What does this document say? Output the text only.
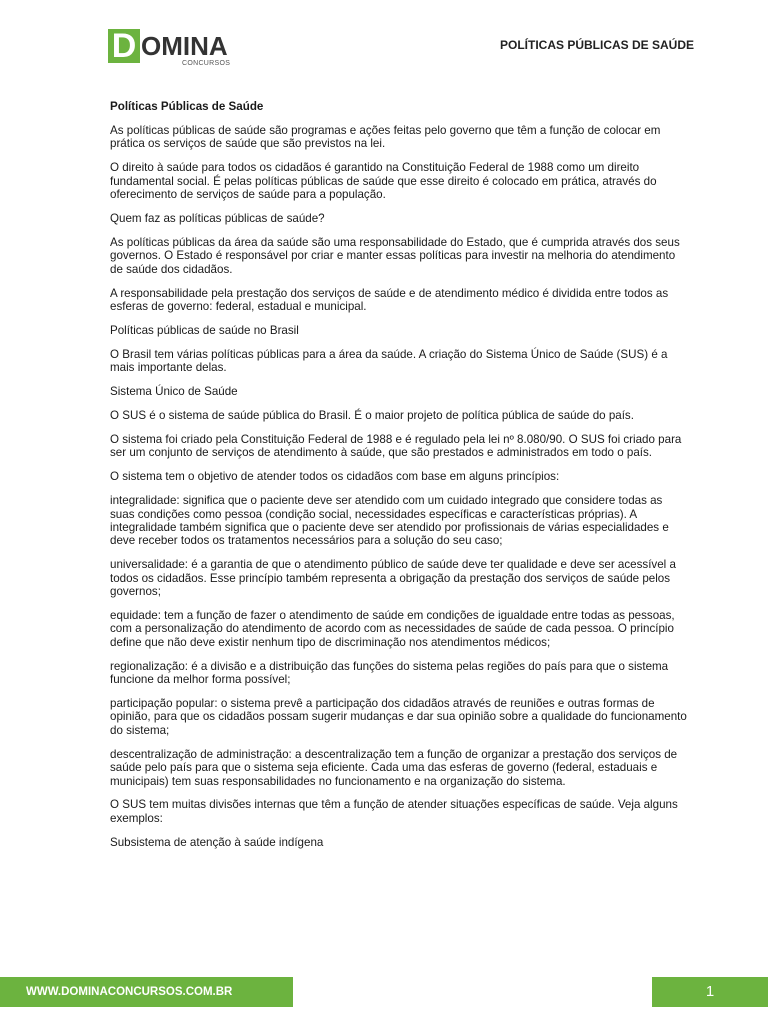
D OMINA
CONCURSOS
POLÍTICAS PÚBLICAS DE SAÚDE

Políticas Públicas de Saúde

As políticas públicas de saúde são programas e ações feitas pelo governo que têm a função de colocar em prática os serviços de saúde que são previstos na lei.

O direito à saúde para todos os cidadãos é garantido na Constituição Federal de 1988 como um direito fundamental social. É pelas políticas públicas de saúde que esse direito é colocado em prática, através do oferecimento de serviços de saúde para a população.

Quem faz as políticas públicas de saúde?

As políticas públicas da área da saúde são uma responsabilidade do Estado, que é cumprida através dos seus governos. O Estado é responsável por criar e manter essas políticas para investir na melhoria do atendimento de saúde dos cidadãos.

A responsabilidade pela prestação dos serviços de saúde e de atendimento médico é dividida entre todos as esferas de governo: federal, estadual e municipal.

Políticas públicas de saúde no Brasil

O Brasil tem várias políticas públicas para a área da saúde. A criação do Sistema Único de Saúde (SUS) é a mais importante delas.

Sistema Único de Saúde

O SUS é o sistema de saúde pública do Brasil. É o maior projeto de política pública de saúde do país.

O sistema foi criado pela Constituição Federal de 1988 e é regulado pela lei nº 8.080/90. O SUS foi criado para ser um conjunto de serviços de atendimento à saúde, que são prestados e administrados em todo o país.

O sistema tem o objetivo de atender todos os cidadãos com base em alguns princípios:

integralidade: significa que o paciente deve ser atendido com um cuidado integrado que considere todas as suas condições como pessoa (condição social, necessidades específicas e características próprias). A integralidade também significa que o paciente deve ser atendido por profissionais de várias especialidades e deve receber todos os tratamentos necessários para a solução do seu caso;

universalidade: é a garantia de que o atendimento público de saúde deve ter qualidade e deve ser acessível a todos os cidadãos. Esse princípio também representa a obrigação da prestação dos serviços de saúde pelos governos;

equidade: tem a função de fazer o atendimento de saúde em condições de igualdade entre todas as pessoas, com a personalização do atendimento de acordo com as necessidades de saúde de cada pessoa. O princípio define que não deve existir nenhum tipo de discriminação nos atendimentos médicos;

regionalização: é a divisão e a distribuição das funções do sistema pelas regiões do país para que o sistema funcione da melhor forma possível;

participação popular: o sistema prevê a participação dos cidadãos através de reuniões e outras formas de opinião, para que os cidadãos possam sugerir mudanças e dar sua opinião sobre a qualidade do funcionamento do sistema;

descentralização de administração: a descentralização tem a função de organizar a prestação dos serviços de saúde pelo país para que o sistema seja eficiente. Cada uma das esferas de governo (federal, estaduais e municipais) tem suas responsabilidades no funcionamento e na organização do sistema.

O SUS tem muitas divisões internas que têm a função de atender situações específicas de saúde. Veja alguns exemplos:

Subsistema de atenção à saúde indígena

WWW.DOMINACONCURSOS.COM.BR	1
